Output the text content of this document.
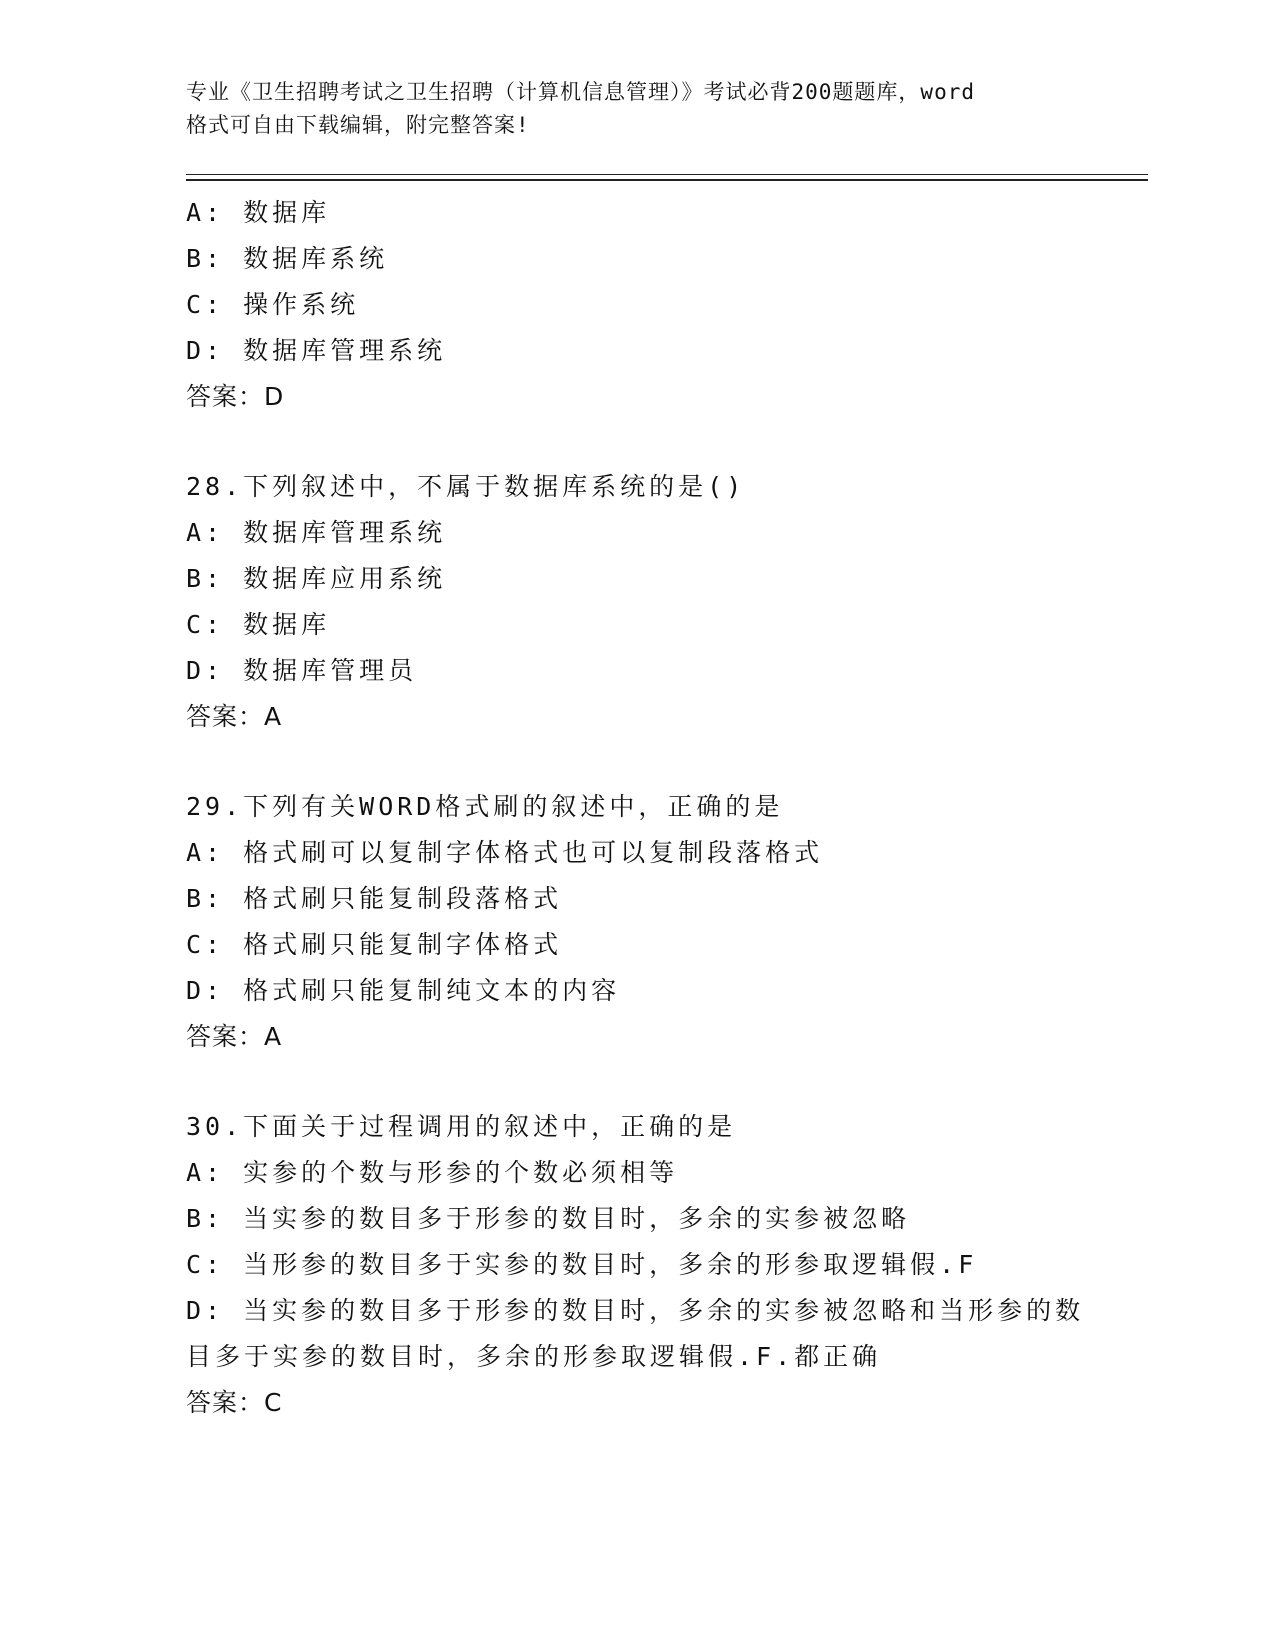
专业《卫生招聘考试之卫生招聘（计算机信息管理）》考试必背200题题库，word
格式可自由下载编辑，附完整答案!
A: 数据库
B: 数据库系统
C: 操作系统
D: 数据库管理系统
答案：D
28.下列叙述中，不属于数据库系统的是()
A: 数据库管理系统
B: 数据库应用系统
C: 数据库
D: 数据库管理员
答案：A
29.下列有关WORD格式刷的叙述中，正确的是
A: 格式刷可以复制字体格式也可以复制段落格式
B: 格式刷只能复制段落格式
C: 格式刷只能复制字体格式
D: 格式刷只能复制纯文本的内容
答案：A
30.下面关于过程调用的叙述中，正确的是
A: 实参的个数与形参的个数必须相等
B: 当实参的数目多于形参的数目时，多余的实参被忽略
C: 当形参的数目多于实参的数目时，多余的形参取逻辑假.F
D: 当实参的数目多于形参的数目时，多余的实参被忽略和当形参的数
目多于实参的数目时，多余的形参取逻辑假.F.都正确
答案：C
